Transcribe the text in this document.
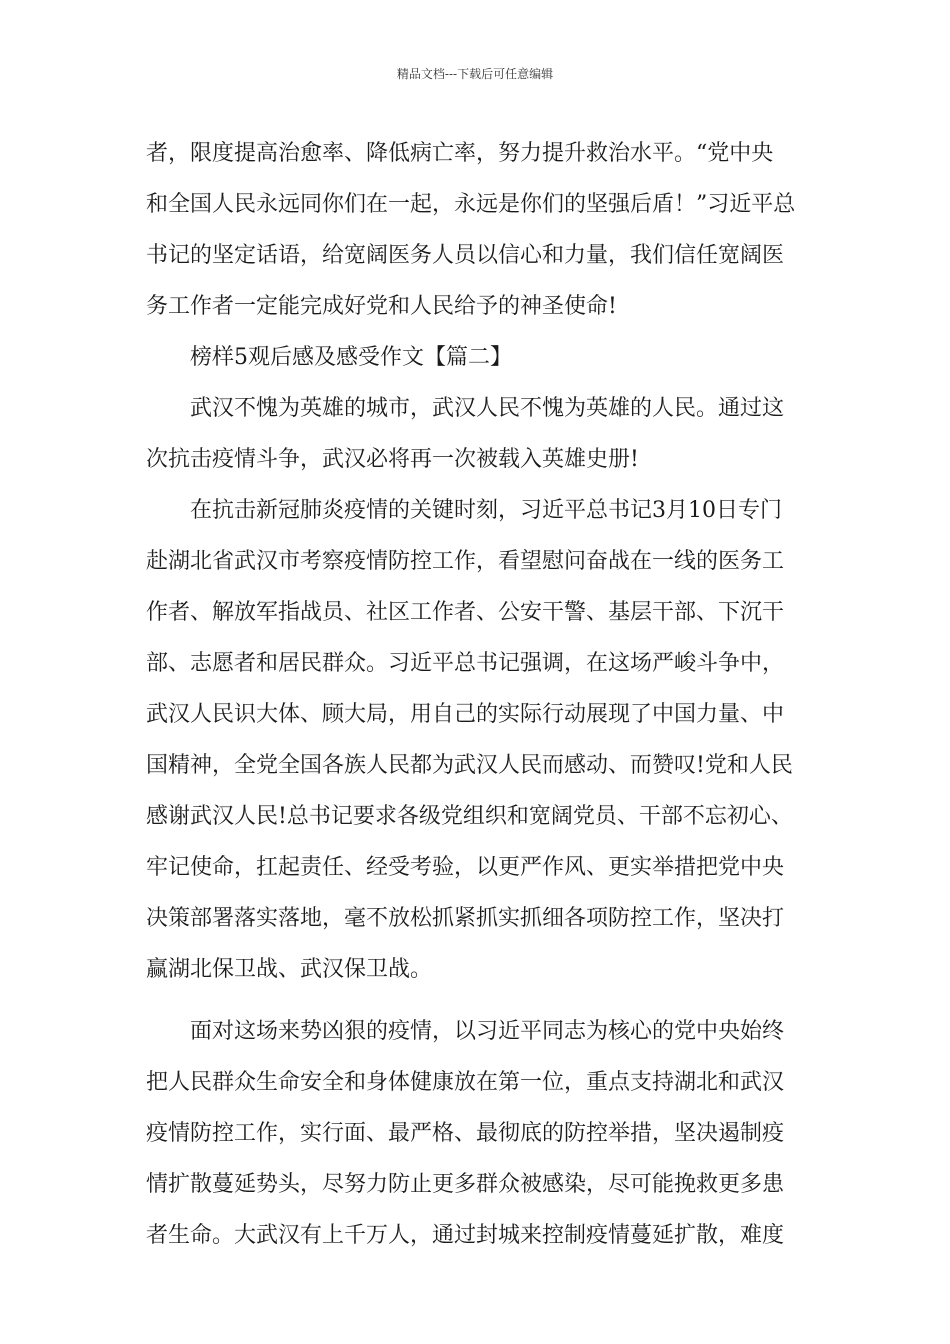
精品文档---下载后可任意编辑
者，限度提高治愈率、降低病亡率，努力提升救治水平。“党中央
和全国人民永远同你们在一起，永远是你们的坚强后盾！”习近平总
书记的坚定话语，给宽阔医务人员以信心和力量，我们信任宽阔医
务工作者一定能完成好党和人民给予的神圣使命!
榜样5观后感及感受作文【篇二】
武汉不愧为英雄的城市，武汉人民不愧为英雄的人民。通过这
次抗击疫情斗争，武汉必将再一次被载入英雄史册!
在抗击新冠肺炎疫情的关键时刻，习近平总书记3月10日专门
赴湖北省武汉市考察疫情防控工作，看望慰问奋战在一线的医务工
作者、解放军指战员、社区工作者、公安干警、基层干部、下沉干
部、志愿者和居民群众。习近平总书记强调，在这场严峻斗争中，
武汉人民识大体、顾大局，用自己的实际行动展现了中国力量、中
国精神，全党全国各族人民都为武汉人民而感动、而赞叹!党和人民
感谢武汉人民!总书记要求各级党组织和宽阔党员、干部不忘初心、
牢记使命，扛起责任、经受考验，以更严作风、更实举措把党中央
决策部署落实落地，毫不放松抓紧抓实抓细各项防控工作，坚决打
赢湖北保卫战、武汉保卫战。
面对这场来势凶狠的疫情，以习近平同志为核心的党中央始终
把人民群众生命安全和身体健康放在第一位，重点支持湖北和武汉
疫情防控工作，实行面、最严格、最彻底的防控举措，坚决遏制疫
情扩散蔓延势头，尽努力防止更多群众被感染，尽可能挽救更多患
者生命。大武汉有上千万人，通过封城来控制疫情蔓延扩散，难度
